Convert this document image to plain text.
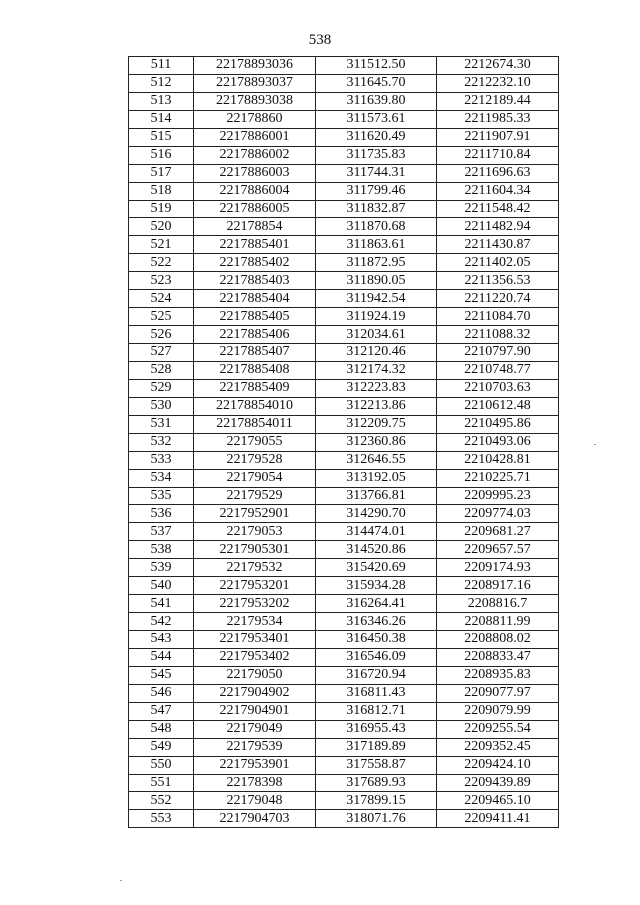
538
511	22178893036	311512.50	2212674.30
512	22178893037	311645.70	2212232.10
513	22178893038	311639.80	2212189.44
514	22178860	311573.61	2211985.33
515	2217886001	311620.49	2211907.91
516	2217886002	311735.83	2211710.84
517	2217886003	311744.31	2211696.63
518	2217886004	311799.46	2211604.34
519	2217886005	311832.87	2211548.42
520	22178854	311870.68	2211482.94
521	2217885401	311863.61	2211430.87
522	2217885402	311872.95	2211402.05
523	2217885403	311890.05	2211356.53
524	2217885404	311942.54	2211220.74
525	2217885405	311924.19	2211084.70
526	2217885406	312034.61	2211088.32
527	2217885407	312120.46	2210797.90
528	2217885408	312174.32	2210748.77
529	2217885409	312223.83	2210703.63
530	22178854010	312213.86	2210612.48
531	22178854011	312209.75	2210495.86
532	22179055	312360.86	2210493.06
533	22179528	312646.55	2210428.81
534	22179054	313192.05	2210225.71
535	22179529	313766.81	2209995.23
536	2217952901	314290.70	2209774.03
537	22179053	314474.01	2209681.27
538	2217905301	314520.86	2209657.57
539	22179532	315420.69	2209174.93
540	2217953201	315934.28	2208917.16
541	2217953202	316264.41	2208816.7
542	22179534	316346.26	2208811.99
543	2217953401	316450.38	2208808.02
544	2217953402	316546.09	2208833.47
545	22179050	316720.94	2208935.83
546	2217904902	316811.43	2209077.97
547	2217904901	316812.71	2209079.99
548	22179049	316955.43	2209255.54
549	22179539	317189.89	2209352.45
550	2217953901	317558.87	2209424.10
551	22178398	317689.93	2209439.89
552	22179048	317899.15	2209465.10
553	2217904703	318071.76	2209411.41
